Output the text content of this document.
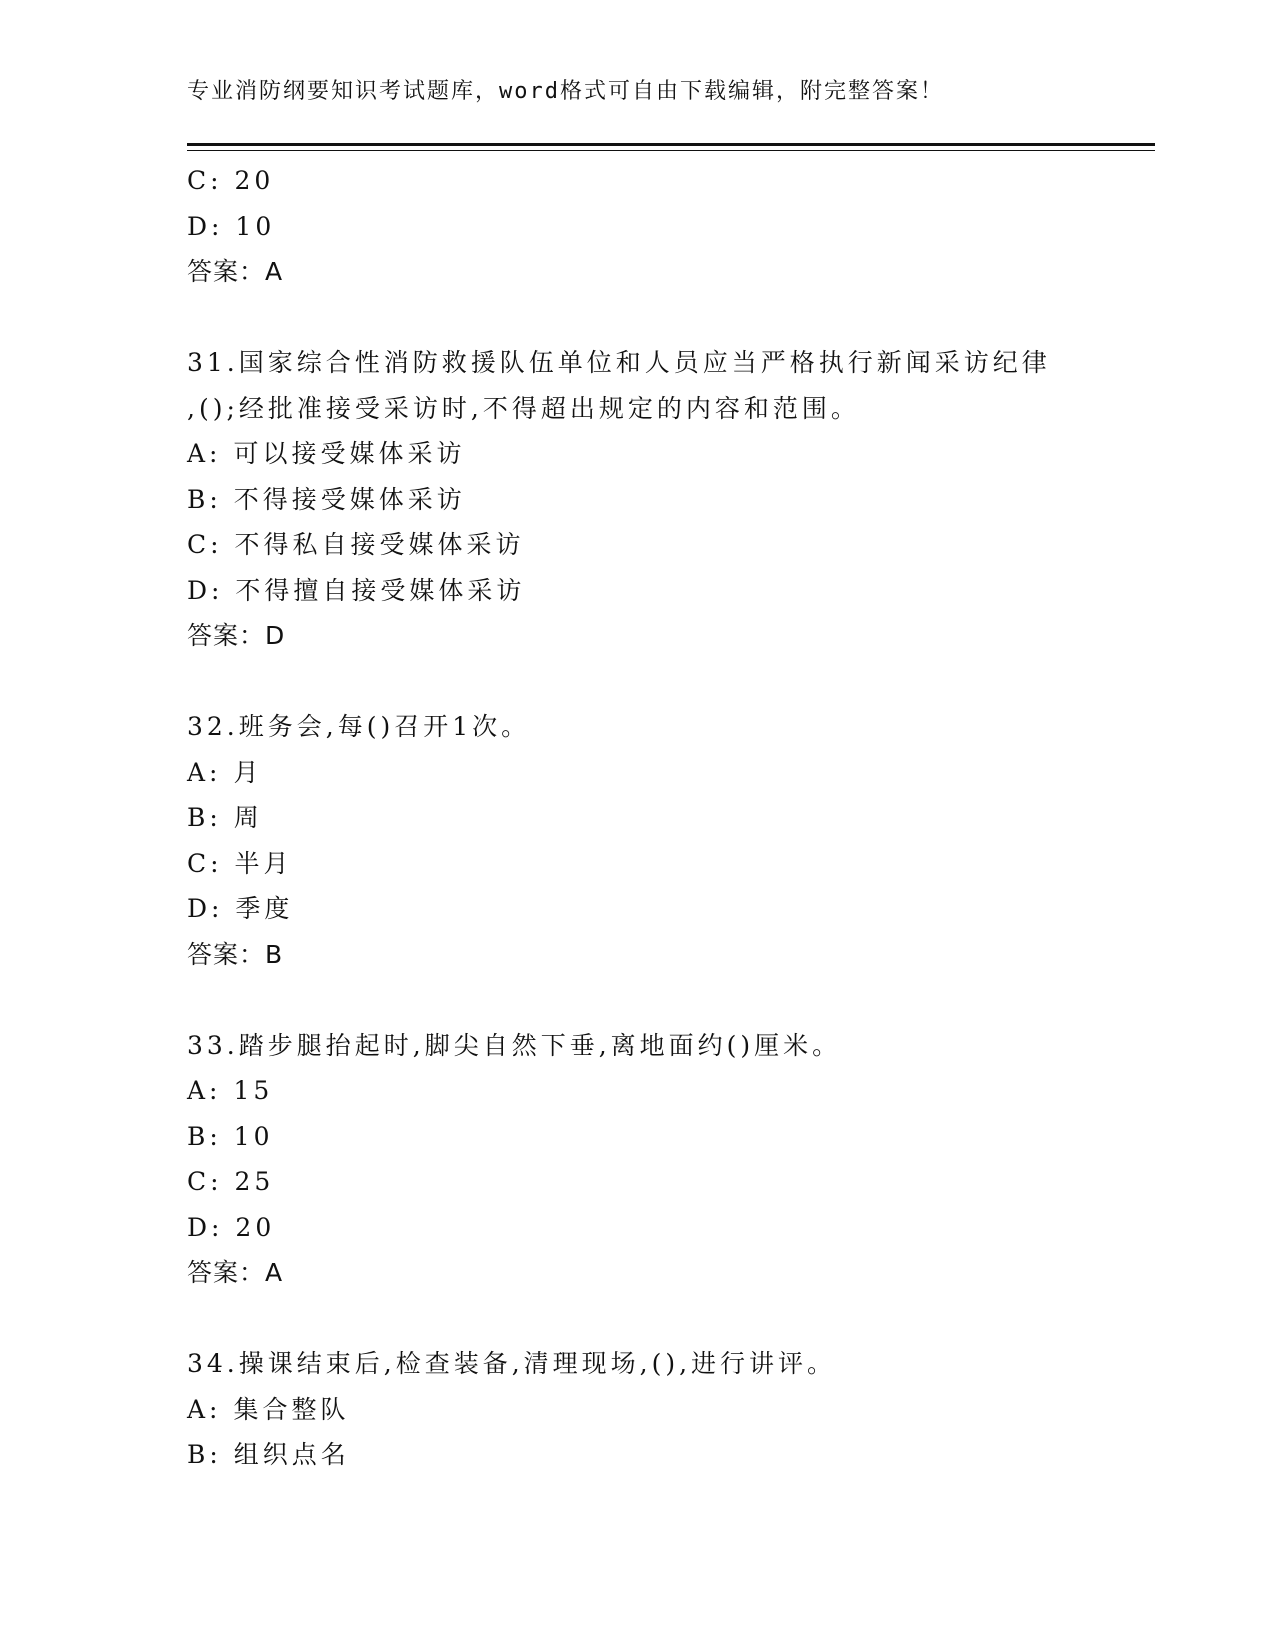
专业消防纲要知识考试题库，word格式可自由下载编辑，附完整答案！
C: 20
D: 10
答案：A
31.国家综合性消防救援队伍单位和人员应当严格执行新闻采访纪律
,();经批准接受采访时,不得超出规定的内容和范围。
A: 可以接受媒体采访
B: 不得接受媒体采访
C: 不得私自接受媒体采访
D: 不得擅自接受媒体采访
答案：D
32.班务会,每()召开1次。
A: 月
B: 周
C: 半月
D: 季度
答案：B
33.踏步腿抬起时,脚尖自然下垂,离地面约()厘米。
A: 15
B: 10
C: 25
D: 20
答案：A
34.操课结束后,检查装备,清理现场,(),进行讲评。
A: 集合整队
B: 组织点名
